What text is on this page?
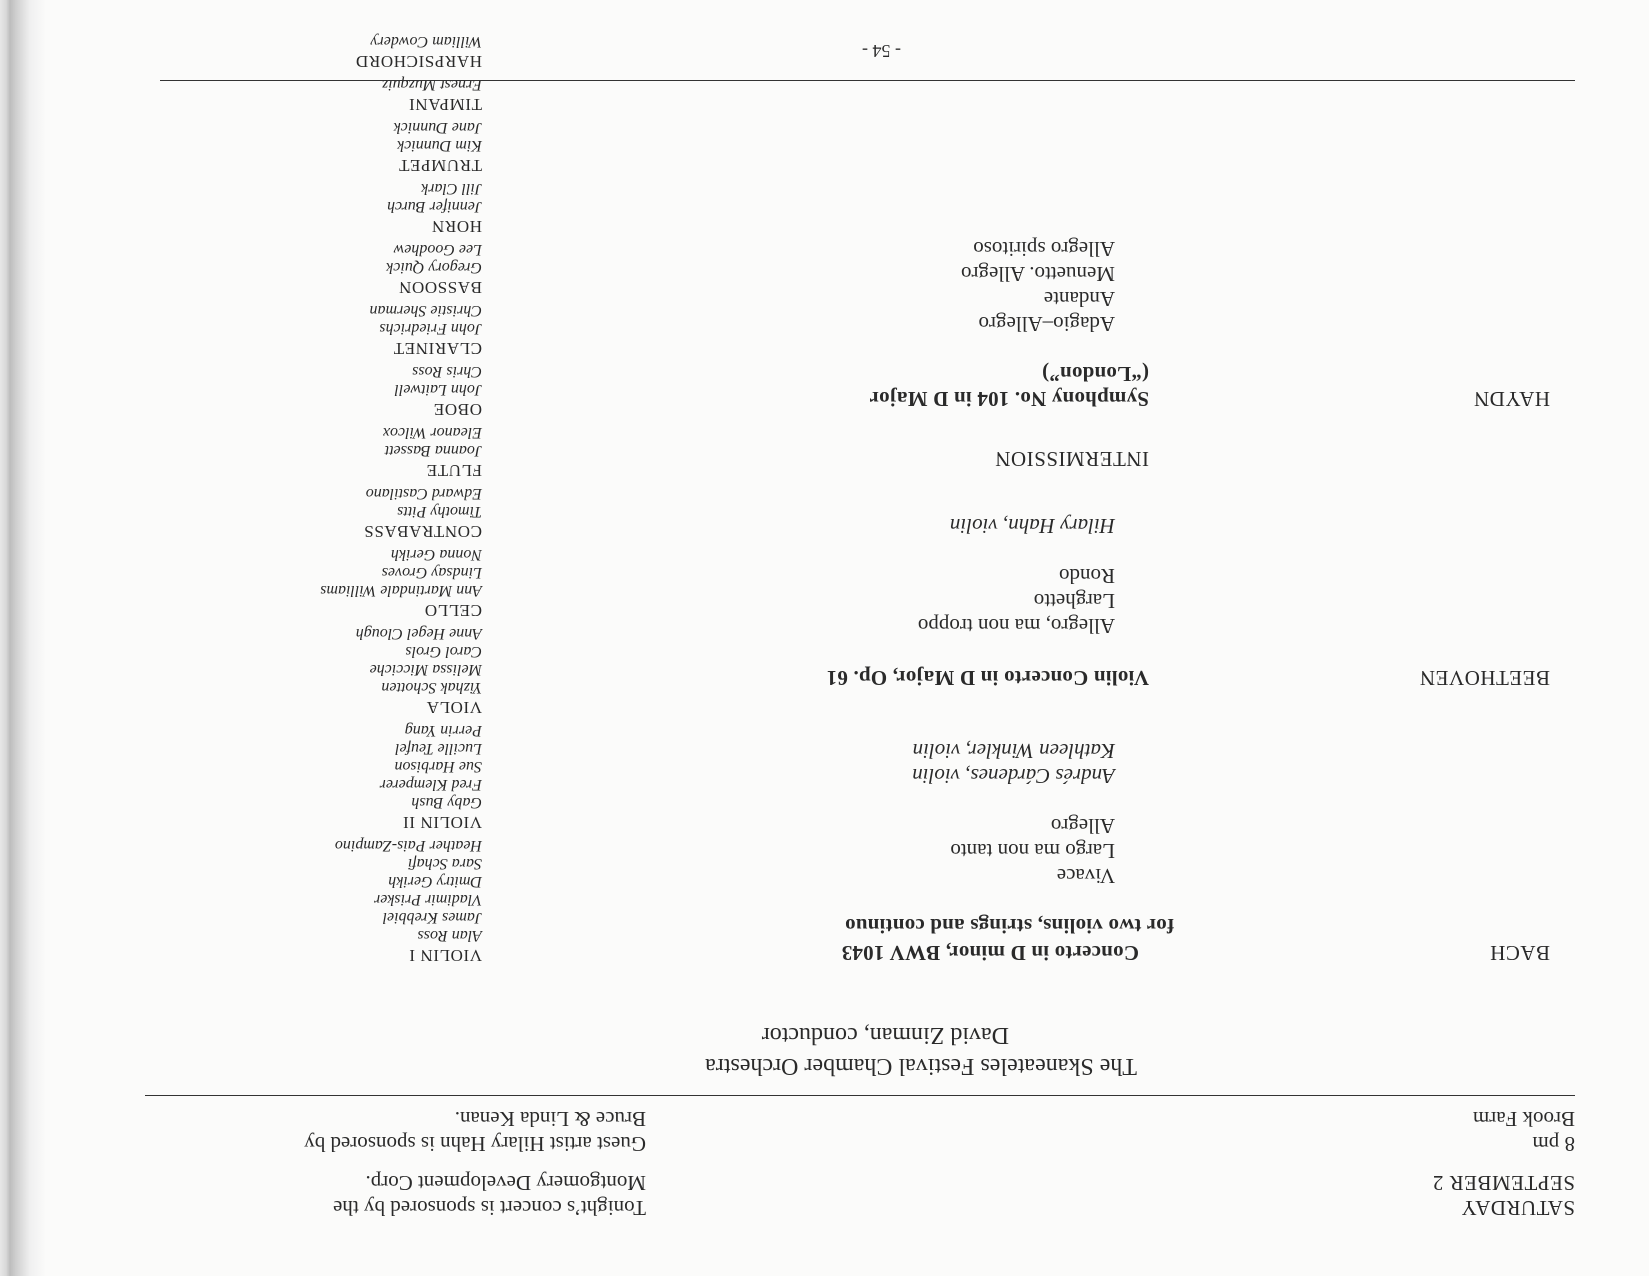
SATURDAY
SEPTEMBER 2
8 pm
Brook Farm
Tonight’s concert is sponsored by the
Montgomery Development Corp.
Guest artist Hilary Hahn is sponsored by
Bruce & Linda Kenan.
The Skaneateles Festival Chamber Orchestra
David Zinman, conductor
BACH
Concerto in D minor, BWV 1043
for two violins, strings and continuo
Vivace
Largo ma non tanto
Allegro
Andrés Cárdenes, violin
Kathleen Winkler, violin
BEETHOVEN
Violin Concerto in D Major, Op. 61
Allegro, ma non troppo
Larghetto
Rondo
Hilary Hahn, violin
INTERMISSION
HAYDN
Symphony No. 104 in D Major
(“London”)
Adagio–Allegro
Andante
Menuetto. Allegro
Allegro spiritoso
VIOLIN I
Alan Ross
James Krebbiel
Vladimir Prisker
Dmitry Gerikh
Sara Schafi
Heather Pais-Zampino
VIOLIN II
Gaby Bush
Fred Klemperer
Sue Harbison
Lucille Teufel
Perrin Yang
VIOLA
Yizhak Schotten
Melissa Micciche
Carol Grols
Anne Hegel Clough
CELLO
Ann Martindale Williams
Lindsay Groves
Nonna Gerikh
CONTRABASS
Timothy Pitts
Edward Castilano
FLUTE
Joanna Bassett
Eleanor Wilcox
OBOE
John Laitwell
Chris Ross
CLARINET
John Friedrichs
Christie Sherman
BASSOON
Gregory Quick
Lee Goodhew
HORN
Jennifer Burch
Jill Clark
TRUMPET
Kim Dunnick
Jane Dunnick
TIMPANI
Ernest Muzquiz
HARPSICHORD
William Cowdery	- 54 -
